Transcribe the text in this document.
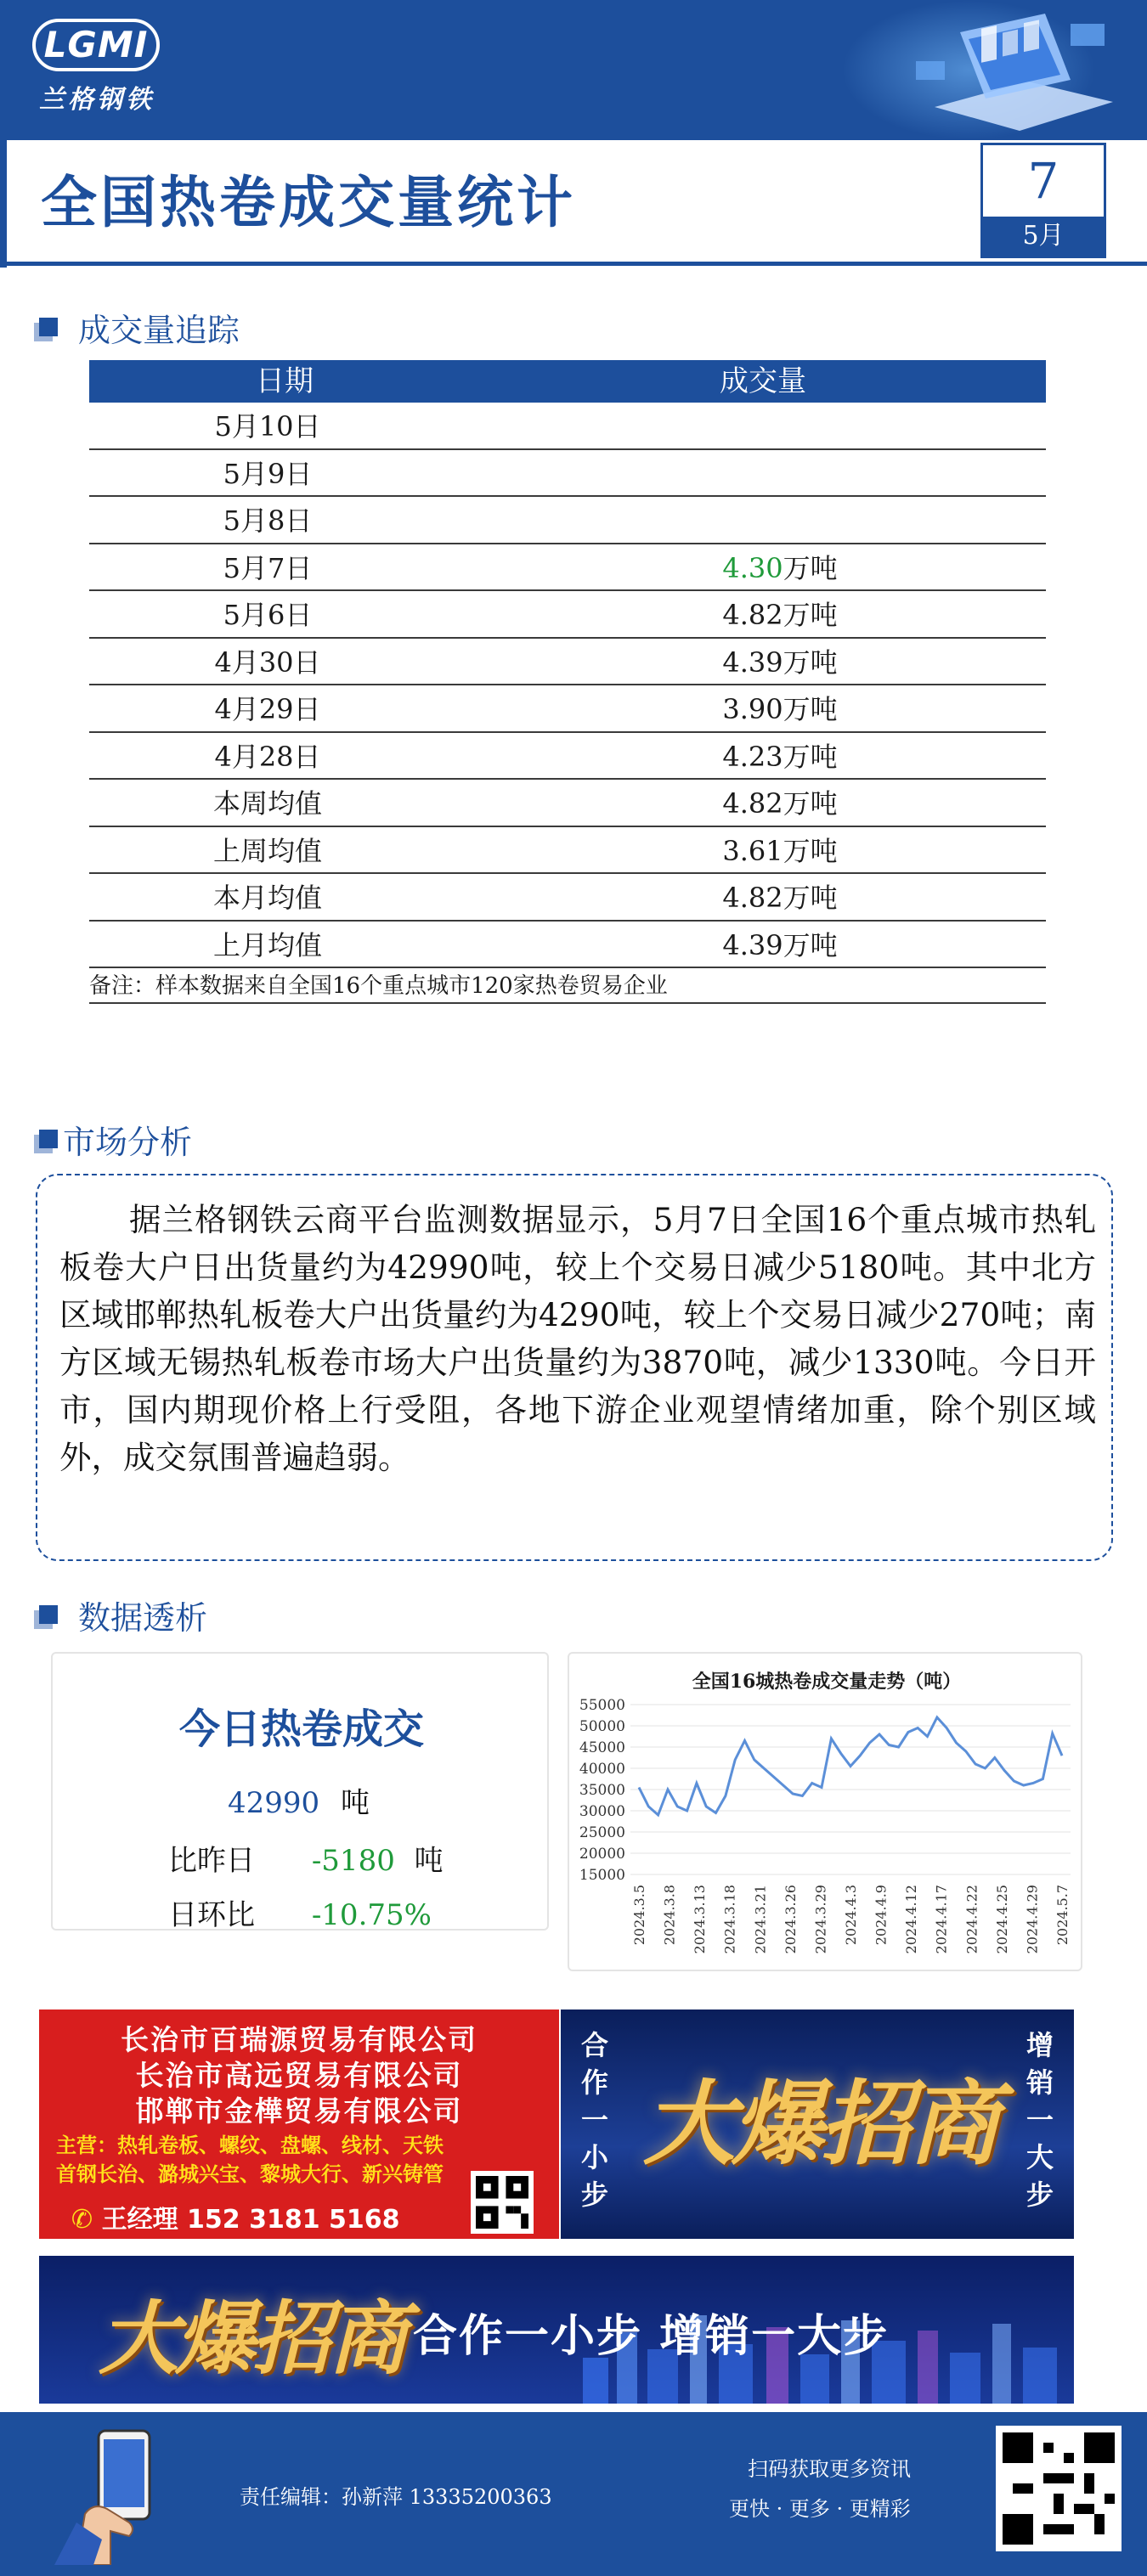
LGMI
兰格钢铁
全国热卷成交量统计	7
5月
成交量追踪
日期	成交量
5月10日
5月9日
5月8日
5月7日	4.30万吨
5月6日	4.82万吨
4月30日	4.39万吨
4月29日	3.90万吨
4月28日	4.23万吨
本周均值	4.82万吨
上周均值	3.61万吨
本月均值	4.82万吨
上月均值	4.39万吨
备注：样本数据来自全国16个重点城市120家热卷贸易企业
市场分析
据兰格钢铁云商平台监测数据显示，5月7日全国16个重点城市热轧板卷大户日出货量约为42990吨，较上个交易日减少5180吨。其中北方区域邯郸热轧板卷大户出货量约为4290吨，较上个交易日减少270吨；南方区域无锡热轧板卷市场大户出货量约为3870吨，减少1330吨。今日开市，国内期现价格上行受阻，各地下游企业观望情绪加重，除个别区域外，成交氛围普遍趋弱。
数据透析
今日热卷成交
42990 吨
比昨日 -5180 吨
日环比 -10.75%
全国16城热卷成交量走势（吨）
15000
20000
25000
30000
35000
40000
45000
50000
55000
2024.3.5 2024.3.8 2024.3.13 2024.3.18 2024.3.21 2024.3.26 2024.3.29 2024.4.3 2024.4.9 2024.4.12 2024.4.17 2024.4.22 2024.4.25 2024.4.29 2024.5.7
长治市百瑞源贸易有限公司
长治市高远贸易有限公司
邯郸市金樺贸易有限公司
主营：热轧卷板、螺纹、盘螺、线材、天铁
首钢长治、潞城兴宝、黎城大行、新兴铸管
✆ 王经理 152 3181 5168
合作一小步
大爆招商
增销一大步
大爆招商 合作一小步 增销一大步
责任编辑：孙新萍 13335200363
扫码获取更多资讯
更快 · 更多 · 更精彩
